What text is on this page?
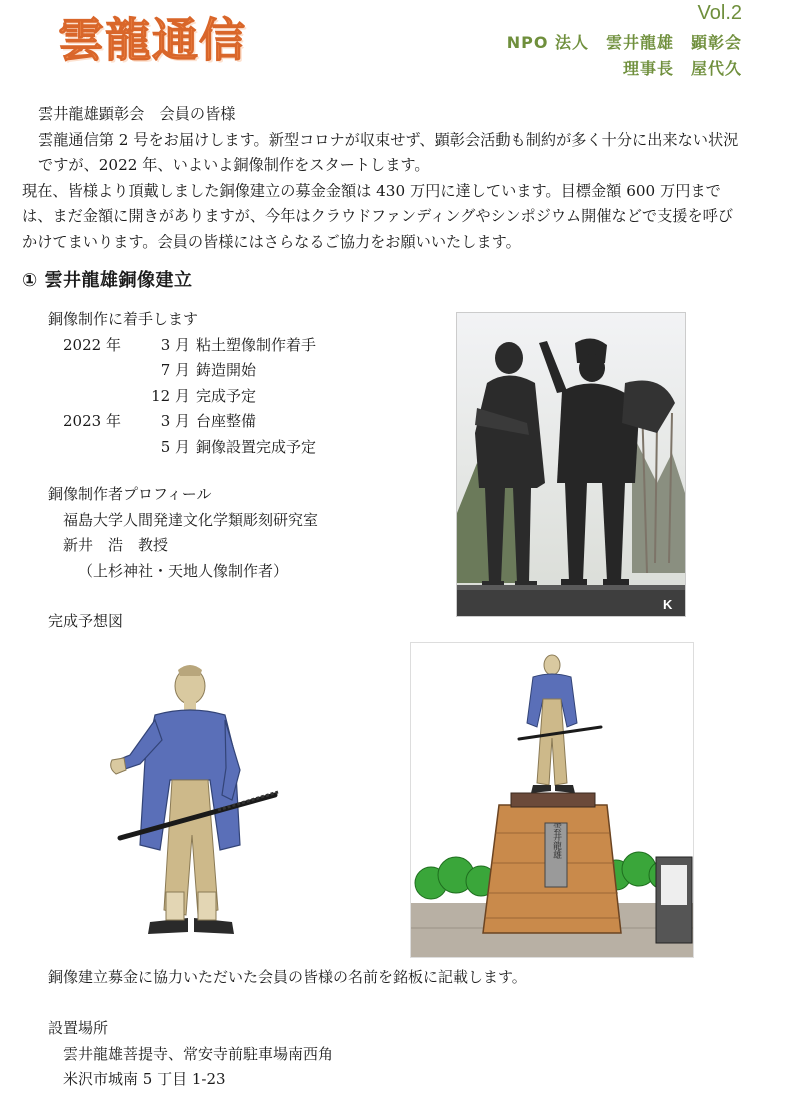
雲龍通信	Vol.2
NPO 法人　雲井龍雄　顕彰会
理事長　屋代久

雲井龍雄顕彰会　会員の皆様

雲龍通信第 2 号をお届けします。新型コロナが収束せず、顕彰会活動も制約が多く十分に出来ない状況ですが、2022 年、いよいよ銅像制作をスタートします。

現在、皆様より頂戴しました銅像建立の募金金額は 430 万円に達しています。目標金額 600 万円までは、まだ金額に開きがありますが、今年はクラウドファンディングやシンポジウム開催などで支援を呼びかけてまいります。会員の皆様にはさらなるご協力をお願いいたします。

① 雲井龍雄銅像建立
銅像制作に着手します
2022 年	3 月 粘土塑像制作着手
7 月 鋳造開始
12 月 完成予定
2023 年	3 月 台座整備
5 月 銅像設置完成予定
銅像制作者プロフィール
福島大学人間発達文化学類彫刻研究室
新井　浩　教授
（上杉神社・天地人像制作者）
K
完成予想図
雲井龍雄
銅像建立募金に協力いただいた会員の皆様の名前を銘板に記載します。
設置場所
雲井龍雄菩提寺、常安寺前駐車場南西角
米沢市城南 5 丁目 1-23
